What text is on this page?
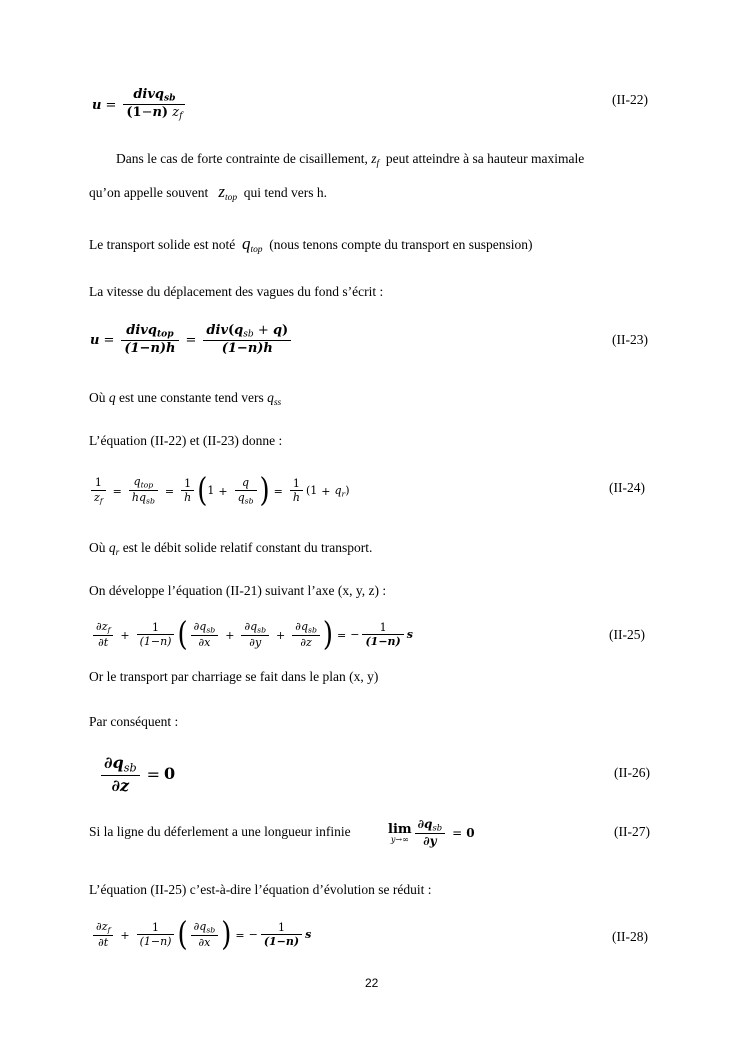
$u = \frac{divq_{sb}}{(1-n) z_f}$	(II-22)
Dans le cas de forte contrainte de cisaillement, $z_f$ peut atteindre à sa hauteur maximale
qu’on appelle souvent $z_{top}$ qui tend vers h.
Le transport solide est noté $q_{top}$ (nous tenons compte du transport en suspension)
La vitesse du déplacement des vagues du fond s’écrit :
$u = \frac{divq_{top}}{(1-n)h} = \frac{div(q_{sb} + q)}{(1-n)h}$	(II-23)
Où q est une constante tend vers $q_{ss}$
L’équation (II-22) et (II-23) donne :
$\frac{1}{z_f} = \frac{q_{top}}{hq_{sb}} = \frac{1}{h} (1 + \frac{q}{q_{sb}}$ ) = $\frac{1}{h} (1 + q_r)$	(II-24)
Où $q_r$ est le débit solide relatif constant du transport.
On développe l’équation (II-21) suivant l’axe (x, y, z) :
$\frac{\partial z_f}{\partial t} + \frac{1}{(1-n)}$ ( $\frac{\partial q_{sb}}{\partial x} + \frac{\partial q_{sb}}{\partial y} + \frac{\partial q_{sb}}{\partial z}$ ) = − $\frac{1}{(1-n)}$ s	(II-25)
Or le transport par charriage se fait dans le plan (x, y)
Par conséquent :
$\frac{\partial q_{sb}}{\partial z} = 0$	(II-26)
Si la ligne du déferlement a une longueur infinie	lim
$y\to\infty \frac{\partial q_{sb}}{\partial y} = 0$	(II-27)
L’équation (II-25) c’est-à-dire l’équation d’évolution se réduit :
$\frac{\partial z_f}{\partial t} + \frac{1}{(1-n)}$ ( $\frac{\partial q_{sb}}{\partial x}$ ) = − $\frac{1}{(1-n)}$ s	(II-28)
22
